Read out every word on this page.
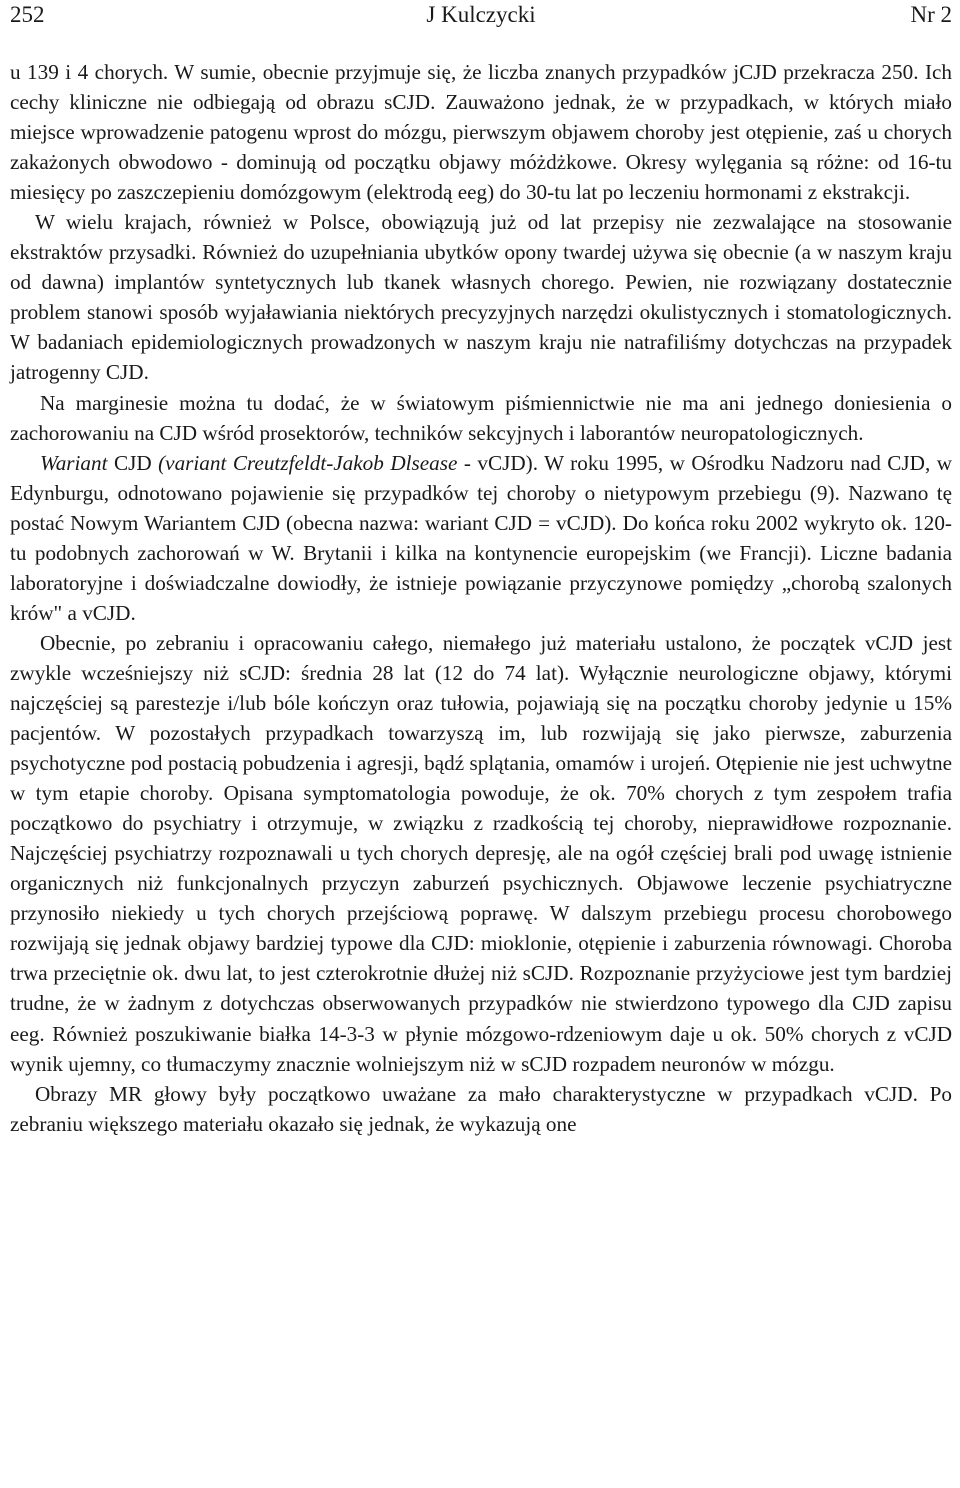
252	J Kulczycki	Nr 2

u 139 i 4 chorych. W sumie, obecnie przyjmuje się, że liczba znanych przypadków jCJD przekracza 250. Ich cechy kliniczne nie odbiegają od obrazu sCJD. Zauważono jednak, że w przypadkach, w których miało miejsce wprowadzenie patogenu wprost do mózgu, pierwszym objawem choroby jest otępienie, zaś u chorych zakażonych obwodowo - dominują od początku objawy móżdżkowe. Okresy wylęgania są różne: od 16-tu miesięcy po zaszczepieniu domózgowym (elektrodą eeg) do 30-tu lat po leczeniu hormonami z ekstrakcji.

W wielu krajach, również w Polsce, obowiązują już od lat przepisy nie zezwalające na stosowanie ekstraktów przysadki. Również do uzupełniania ubytków opony twardej używa się obecnie (a w naszym kraju od dawna) implantów syntetycznych lub tkanek własnych chorego. Pewien, nie rozwiązany dostatecznie problem stanowi sposób wyjaławiania niektórych precyzyjnych narzędzi okulistycznych i stomatologicznych. W badaniach epidemiologicznych prowadzonych w naszym kraju nie natrafiliśmy dotychczas na przypadek jatrogenny CJD.

Na marginesie można tu dodać, że w światowym piśmiennictwie nie ma ani jednego doniesienia o zachorowaniu na CJD wśród prosektorów, techników sekcyjnych i laborantów neuropatologicznych.

Wariant CJD (variant Creutzfeldt-Jakob Dlsease - vCJD). W roku 1995, w Ośrodku Nadzoru nad CJD, w Edynburgu, odnotowano pojawienie się przypadków tej choroby o nietypowym przebiegu (9). Nazwano tę postać Nowym Wariantem CJD (obecna nazwa: wariant CJD = vCJD). Do końca roku 2002 wykryto ok. 120-tu podobnych zachorowań w W. Brytanii i kilka na kontynencie europejskim (we Francji). Liczne badania laboratoryjne i doświadczalne dowiodły, że istnieje powiązanie przyczynowe pomiędzy „chorobą szalonych krów" a vCJD.

Obecnie, po zebraniu i opracowaniu całego, niemałego już materiału ustalono, że początek vCJD jest zwykle wcześniejszy niż sCJD: średnia 28 lat (12 do 74 lat). Wyłącznie neurologiczne objawy, którymi najczęściej są parestezje i/lub bóle kończyn oraz tułowia, pojawiają się na początku choroby jedynie u 15% pacjentów. W pozostałych przypadkach towarzyszą im, lub rozwijają się jako pierwsze, zaburzenia psychotyczne pod postacią pobudzenia i agresji, bądź splątania, omamów i urojeń. Otępienie nie jest uchwytne w tym etapie choroby. Opisana symptomatologia powoduje, że ok. 70% chorych z tym zespołem trafia początkowo do psychiatry i otrzymuje, w związku z rzadkością tej choroby, nieprawidłowe rozpoznanie. Najczęściej psychiatrzy rozpoznawali u tych chorych depresję, ale na ogół częściej brali pod uwagę istnienie organicznych niż funkcjonalnych przyczyn zaburzeń psychicznych. Objawowe leczenie psychiatryczne przynosiło niekiedy u tych chorych przejściową poprawę. W dalszym przebiegu procesu chorobowego rozwijają się jednak objawy bardziej typowe dla CJD: mioklonie, otępienie i zaburzenia równowagi. Choroba trwa przeciętnie ok. dwu lat, to jest czterokrotnie dłużej niż sCJD. Rozpoznanie przyżyciowe jest tym bardziej trudne, że w żadnym z dotychczas obserwowanych przypadków nie stwierdzono typowego dla CJD zapisu eeg. Również poszukiwanie białka 14-3-3 w płynie mózgowo-rdzeniowym daje u ok. 50% chorych z vCJD wynik ujemny, co tłumaczymy znacznie wolniejszym niż w sCJD rozpadem neuronów w mózgu.

Obrazy MR głowy były początkowo uważane za mało charakterystyczne w przypadkach vCJD. Po zebraniu większego materiału okazało się jednak, że wykazują one
